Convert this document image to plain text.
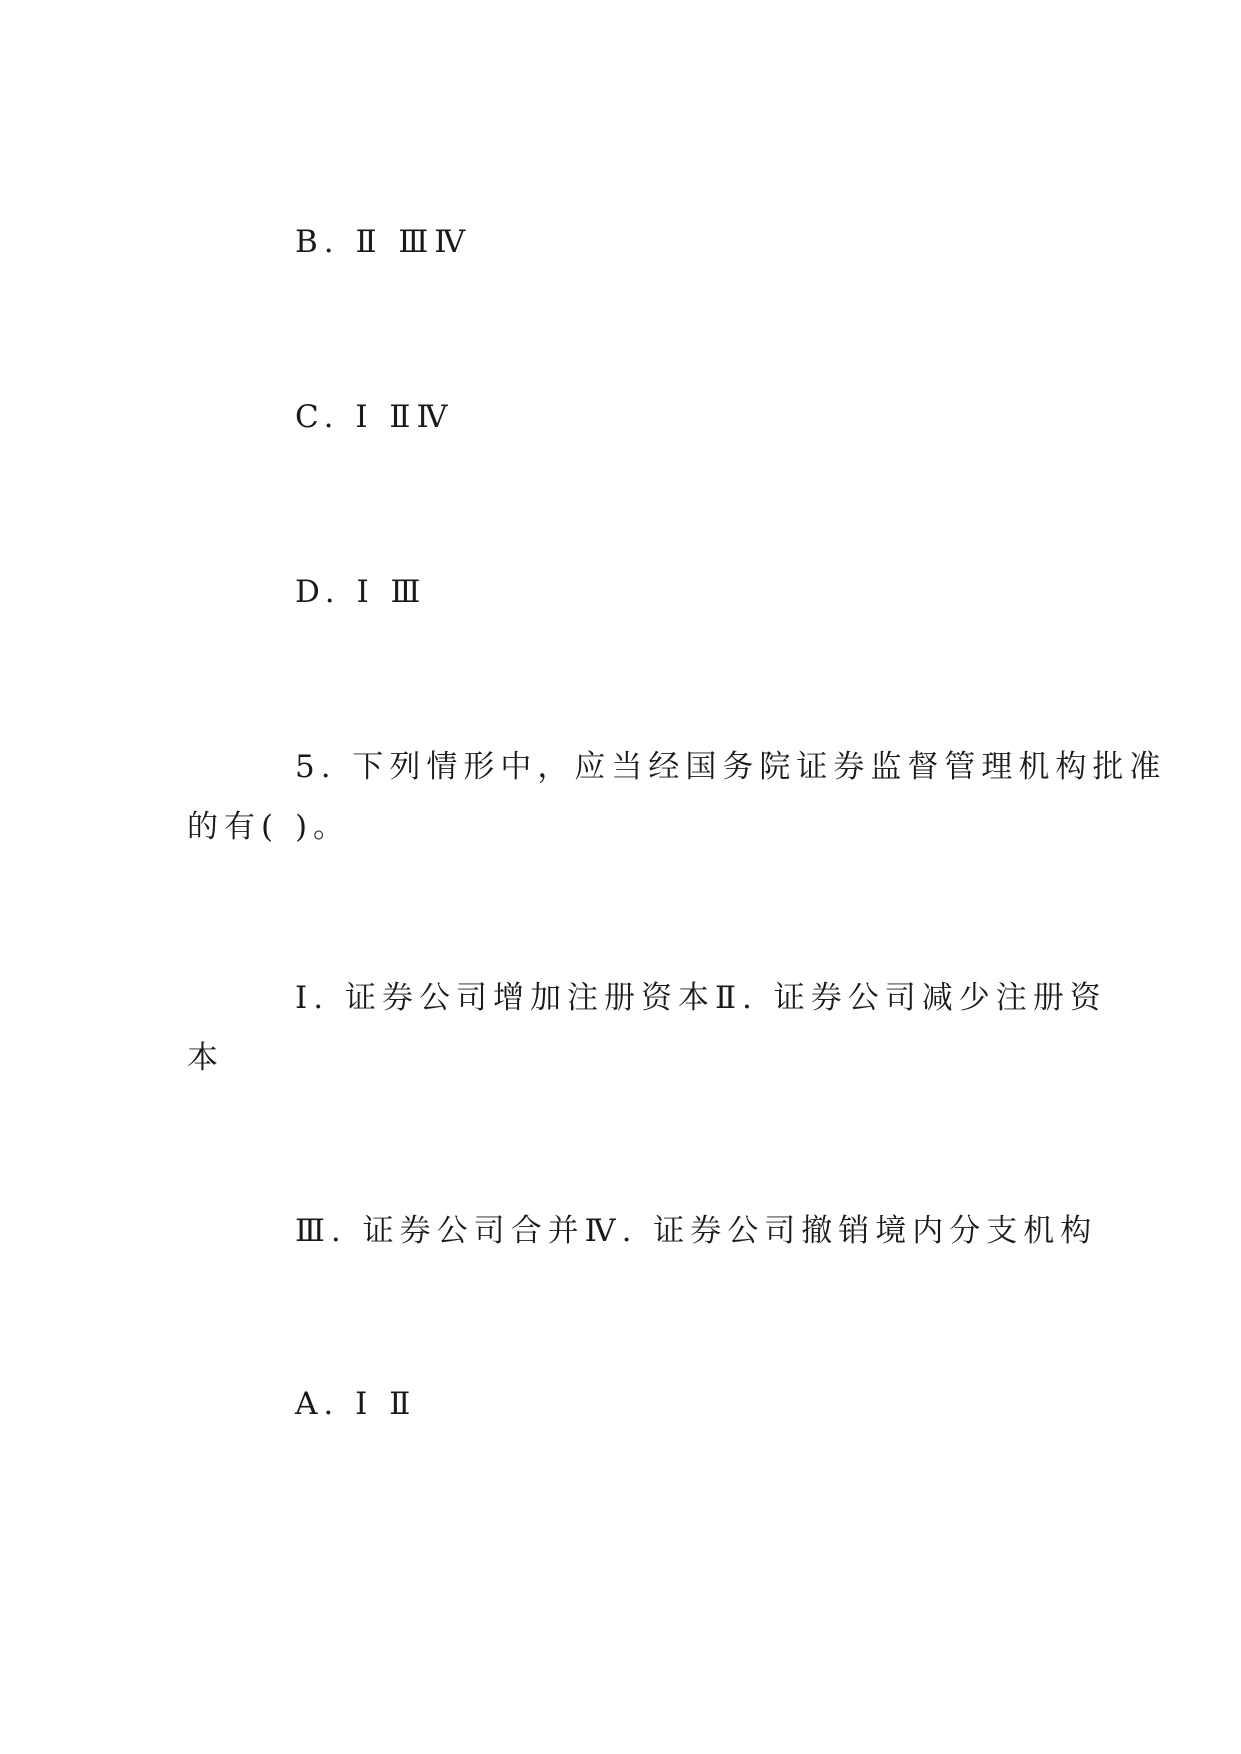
B. Ⅱ ⅢⅣ

C. Ⅰ ⅡⅣ

D. Ⅰ Ⅲ

5. 下列情形中，应当经国务院证券监督管理机构批准

的有( )。

Ⅰ. 证券公司增加注册资本Ⅱ. 证券公司减少注册资

本

Ⅲ. 证券公司合并Ⅳ. 证券公司撤销境内分支机构

A. Ⅰ Ⅱ
